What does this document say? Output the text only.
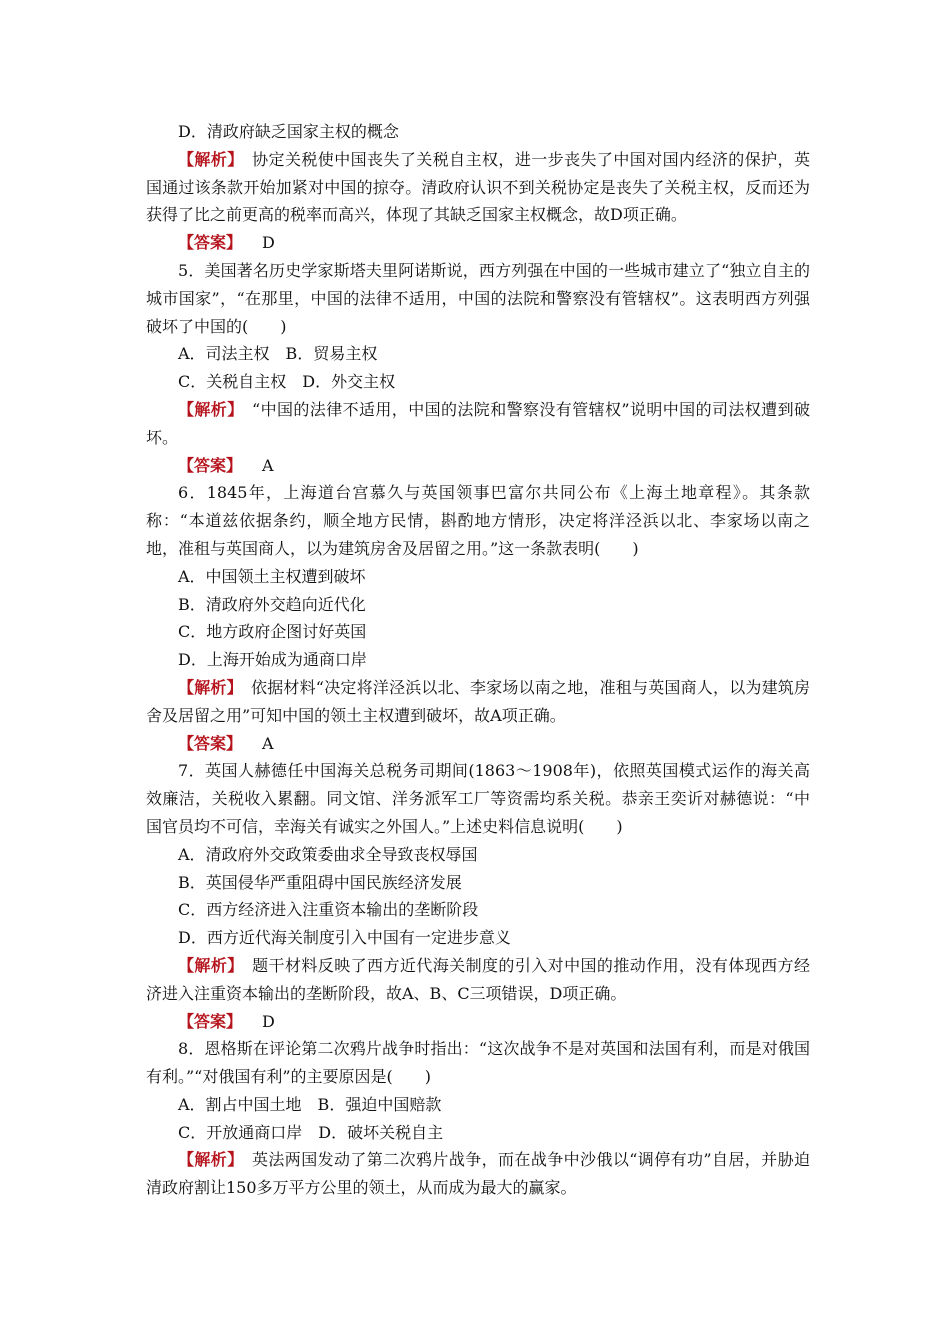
D．清政府缺乏国家主权的概念

【解析】　协定关税使中国丧失了关税自主权，进一步丧失了中国对国内经济的保护，英国通过该条款开始加紧对中国的掠夺。清政府认识不到关税协定是丧失了关税主权，反而还为获得了比之前更高的税率而高兴，体现了其缺乏国家主权概念，故D项正确。

【答案】 D

5．美国著名历史学家斯塔夫里阿诺斯说，西方列强在中国的一些城市建立了“独立自主的城市国家”，“在那里，中国的法律不适用，中国的法院和警察没有管辖权”。这表明西方列强破坏了中国的(　　)

A．司法主权　B．贸易主权
C．关税自主权　D．外交主权

【解析】　“中国的法律不适用，中国的法院和警察没有管辖权”说明中国的司法权遭到破坏。

【答案】 A

6．1845年，上海道台宫慕久与英国领事巴富尔共同公布《上海土地章程》。其条款称：“本道兹依据条约，顺全地方民情，斟酌地方情形，决定将洋泾浜以北、李家场以南之地，准租与英国商人，以为建筑房舍及居留之用。”这一条款表明(　　)

A．中国领土主权遭到破坏
B．清政府外交趋向近代化
C．地方政府企图讨好英国
D．上海开始成为通商口岸

【解析】　依据材料“决定将洋泾浜以北、李家场以南之地，准租与英国商人，以为建筑房舍及居留之用”可知中国的领土主权遭到破坏，故A项正确。

【答案】 A

7．英国人赫德任中国海关总税务司期间(1863～1908年)，依照英国模式运作的海关高效廉洁，关税收入累翻。同文馆、洋务派军工厂等资需均系关税。恭亲王奕䜣对赫德说：“中国官员均不可信，幸海关有诚实之外国人。”上述史料信息说明(　　)

A．清政府外交政策委曲求全导致丧权辱国
B．英国侵华严重阻碍中国民族经济发展
C．西方经济进入注重资本输出的垄断阶段
D．西方近代海关制度引入中国有一定进步意义

【解析】　题干材料反映了西方近代海关制度的引入对中国的推动作用，没有体现西方经济进入注重资本输出的垄断阶段，故A、B、C三项错误，D项正确。

【答案】 D

8．恩格斯在评论第二次鸦片战争时指出：“这次战争不是对英国和法国有利，而是对俄国有利。”“对俄国有利”的主要原因是(　　)

A．割占中国土地　B．强迫中国赔款
C．开放通商口岸　D．破坏关税自主

【解析】　英法两国发动了第二次鸦片战争，而在战争中沙俄以“调停有功”自居，并胁迫清政府割让150多万平方公里的领土，从而成为最大的赢家。
